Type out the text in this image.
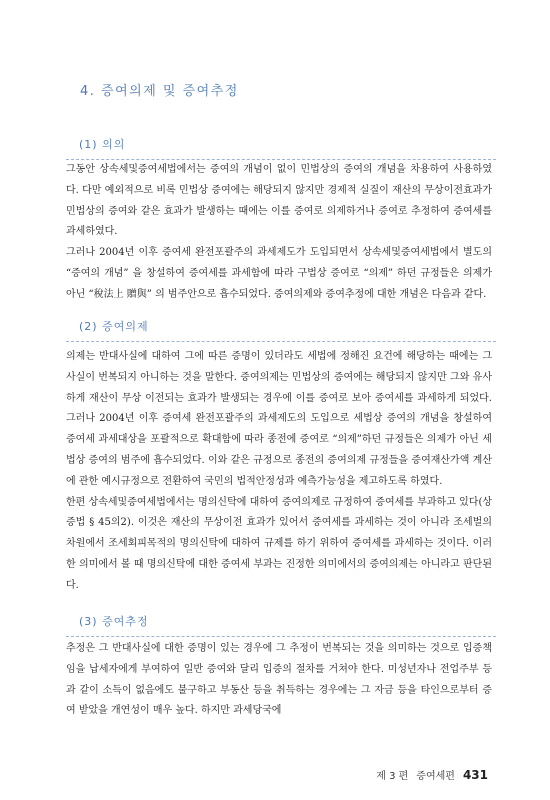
4. 증여의제 및 증여추정
(1) 의의

그동안 상속세및증여세법에서는 증여의 개념이 없이 민법상의 증여의 개념을 차용하여 사용하였다. 다만 예외적으로 비록 민법상 증여에는 해당되지 않지만 경제적 실질이 재산의 무상이전효과가 민법상의 증여와 같은 효과가 발생하는 때에는 이를 증여로 의제하거나 증여로 추정하여 증여세를 과세하였다.
그러나 2004년 이후 증여세 완전포괄주의 과세제도가 도입되면서 상속세및증여세법에서 별도의 “증여의 개념” 을 창설하여 증여세를 과세함에 따라 구법상 증여로 “의제” 하던 규정들은 의제가 아닌 “稅法上 贈與” 의 범주안으로 흡수되었다. 증여의제와 증여추정에 대한 개념은 다음과 같다.

(2) 증여의제

의제는 반대사실에 대하여 그에 따른 증명이 있더라도 세법에 정해진 요건에 해당하는 때에는 그 사실이 번복되지 아니하는 것을 말한다. 증여의제는 민법상의 증여에는 해당되지 않지만 그와 유사하게 재산이 무상 이전되는 효과가 발생되는 경우에 이를 증여로 보아 증여세를 과세하게 되었다. 그러나 2004년 이후 증여세 완전포괄주의 과세제도의 도입으로 세법상 증여의 개념을 창설하여 증여세 과세대상을 포괄적으로 확대함에 따라 종전에 증여로 “의제”하던 규정들은 의제가 아닌 세법상 증여의 범주에 흡수되었다. 이와 같은 규정으로 종전의 증여의제 규정들을 증여재산가액 계산에 관한 예시규정으로 전환하여 국민의 법적안정성과 예측가능성을 제고하도록 하였다.
한편 상속세및증여세법에서는 명의신탁에 대하여 증여의제로 규정하여 증여세를 부과하고 있다(상증법 § 45의2). 이것은 재산의 무상이전 효과가 있어서 증여세를 과세하는 것이 아니라 조세벌의 차원에서 조세회피목적의 명의신탁에 대하여 규제를 하기 위하여 증여세를 과세하는 것이다. 이러한 의미에서 볼 때 명의신탁에 대한 증여세 부과는 진정한 의미에서의 증여의제는 아니라고 판단된다.

(3) 증여추정

추정은 그 반대사실에 대한 증명이 있는 경우에 그 추정이 번복되는 것을 의미하는 것으로 입증책임을 납세자에게 부여하여 일반 증여와 달리 입증의 절차를 거쳐야 한다. 미성년자나 전업주부 등과 같이 소득이 없음에도 불구하고 부동산 등을 취득하는 경우에는 그 자금 등을 타인으로부터 증여 받았을 개연성이 매우 높다. 하지만 과세당국에

제 3 편 증여세편 431
